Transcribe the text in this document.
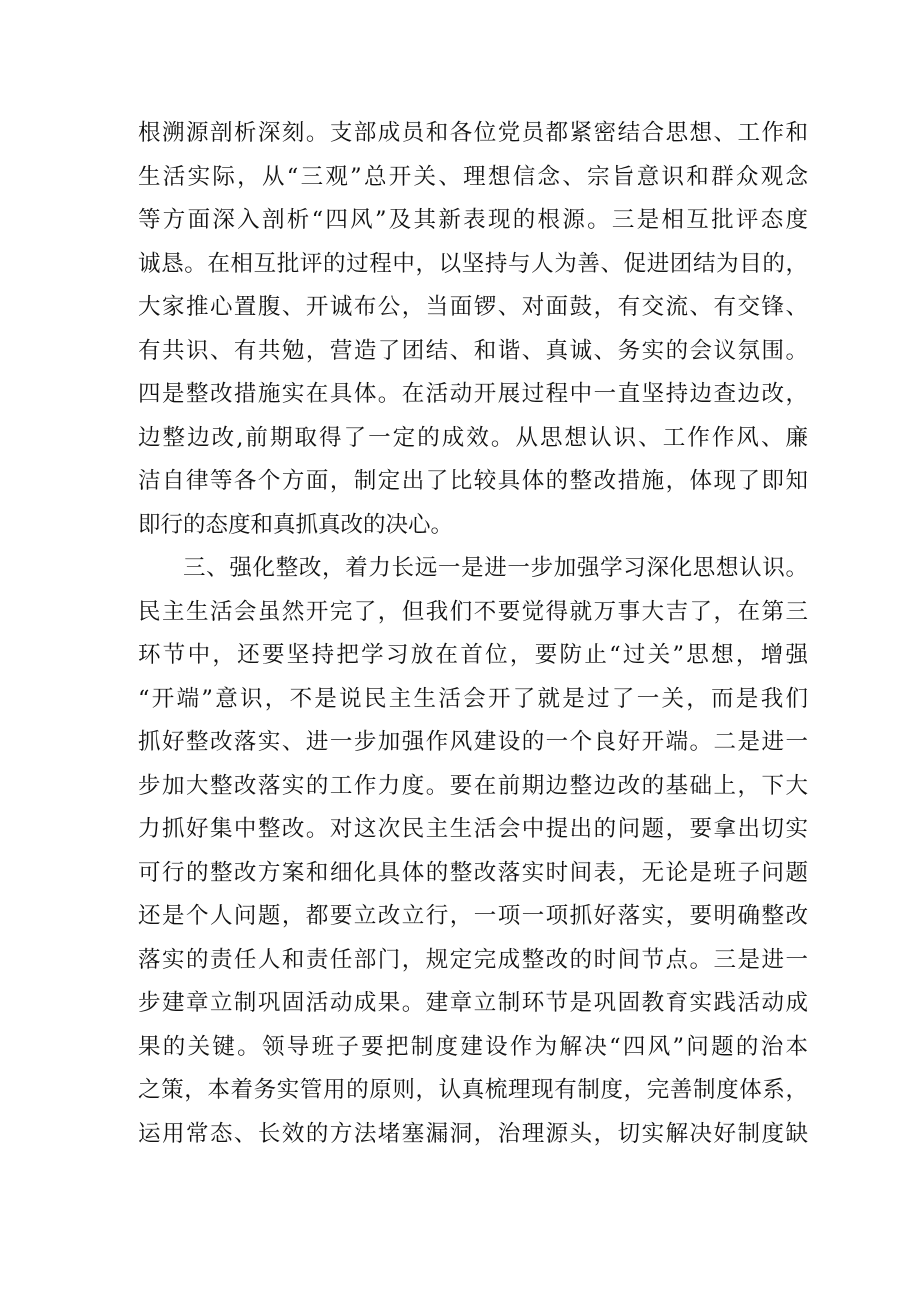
根溯源剖析深刻。支部成员和各位党员都紧密结合思想、工作和
生活实际，从“三观”总开关、理想信念、宗旨意识和群众观念
等方面深入剖析“四风”及其新表现的根源。三是相互批评态度
诚恳。在相互批评的过程中，以坚持与人为善、促进团结为目的，
大家推心置腹、开诚布公，当面锣、对面鼓，有交流、有交锋、
有共识、有共勉，营造了团结、和谐、真诚、务实的会议氛围。
四是整改措施实在具体。在活动开展过程中一直坚持边查边改，
边整边改,前期取得了一定的成效。从思想认识、工作作风、廉
洁自律等各个方面，制定出了比较具体的整改措施，体现了即知
即行的态度和真抓真改的决心。
三、强化整改，着力长远一是进一步加强学习深化思想认识。
民主生活会虽然开完了，但我们不要觉得就万事大吉了，在第三
环节中，还要坚持把学习放在首位，要防止“过关”思想，增强
“开端”意识，不是说民主生活会开了就是过了一关，而是我们
抓好整改落实、进一步加强作风建设的一个良好开端。二是进一
步加大整改落实的工作力度。要在前期边整边改的基础上，下大
力抓好集中整改。对这次民主生活会中提出的问题，要拿出切实
可行的整改方案和细化具体的整改落实时间表，无论是班子问题
还是个人问题，都要立改立行，一项一项抓好落实，要明确整改
落实的责任人和责任部门，规定完成整改的时间节点。三是进一
步建章立制巩固活动成果。建章立制环节是巩固教育实践活动成
果的关键。领导班子要把制度建设作为解决“四风”问题的治本
之策，本着务实管用的原则，认真梳理现有制度，完善制度体系，
运用常态、长效的方法堵塞漏洞，治理源头，切实解决好制度缺
